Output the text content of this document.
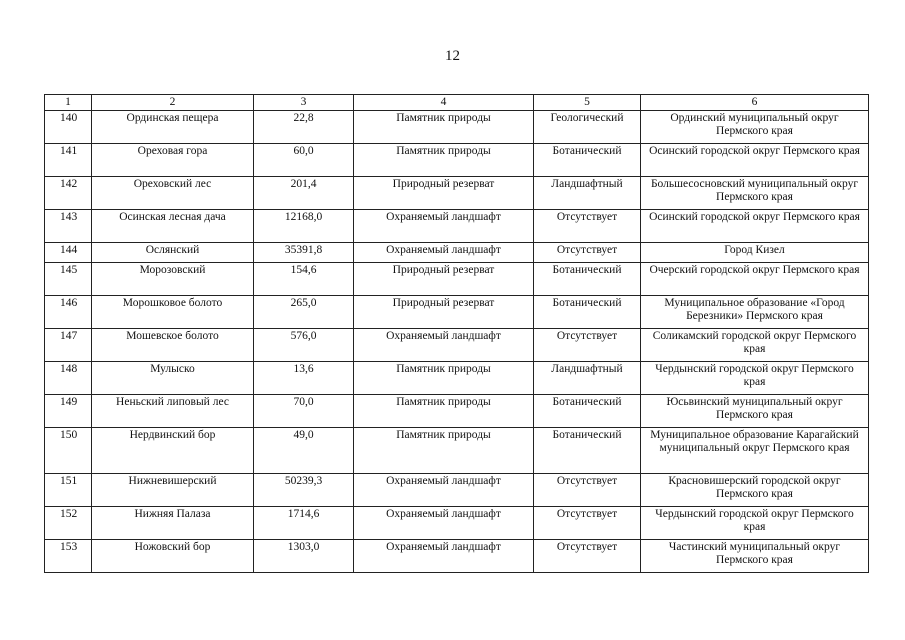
12
1	2	3	4	5	6
140	Ординская пещера	22,8	Памятник природы	Геологический	Ординский муниципальный округ Пермского края
141	Ореховая гора	60,0	Памятник природы	Ботанический	Осинский городской округ Пермского края
142	Ореховский лес	201,4	Природный резерват	Ландшафтный	Большесосновский муниципальный округ Пермского края
143	Осинская лесная дача	12168,0	Охраняемый ландшафт	Отсутствует	Осинский городской округ Пермского края
144	Ослянский	35391,8	Охраняемый ландшафт	Отсутствует	Город Кизел
145	Морозовский	154,6	Природный резерват	Ботанический	Очерский городской округ Пермского края
146	Морошковое болото	265,0	Природный резерват	Ботанический	Муниципальное образование «Город Березники» Пермского края
147	Мошевское болото	576,0	Охраняемый ландшафт	Отсутствует	Соликамский городской округ Пермского края
148	Мулыско	13,6	Памятник природы	Ландшафтный	Чердынский городской округ Пермского края
149	Неньский липовый лес	70,0	Памятник природы	Ботанический	Юсьвинский муниципальный округ Пермского края
150	Нердвинский бор	49,0	Памятник природы	Ботанический	Муниципальное образование Карагайский муниципальный округ Пермского края
151	Нижневишерский	50239,3	Охраняемый ландшафт	Отсутствует	Красновишерский городской округ Пермского края
152	Нижняя Палаза	1714,6	Охраняемый ландшафт	Отсутствует	Чердынский городской округ Пермского края
153	Ножовский бор	1303,0	Охраняемый ландшафт	Отсутствует	Частинский муниципальный округ Пермского края
